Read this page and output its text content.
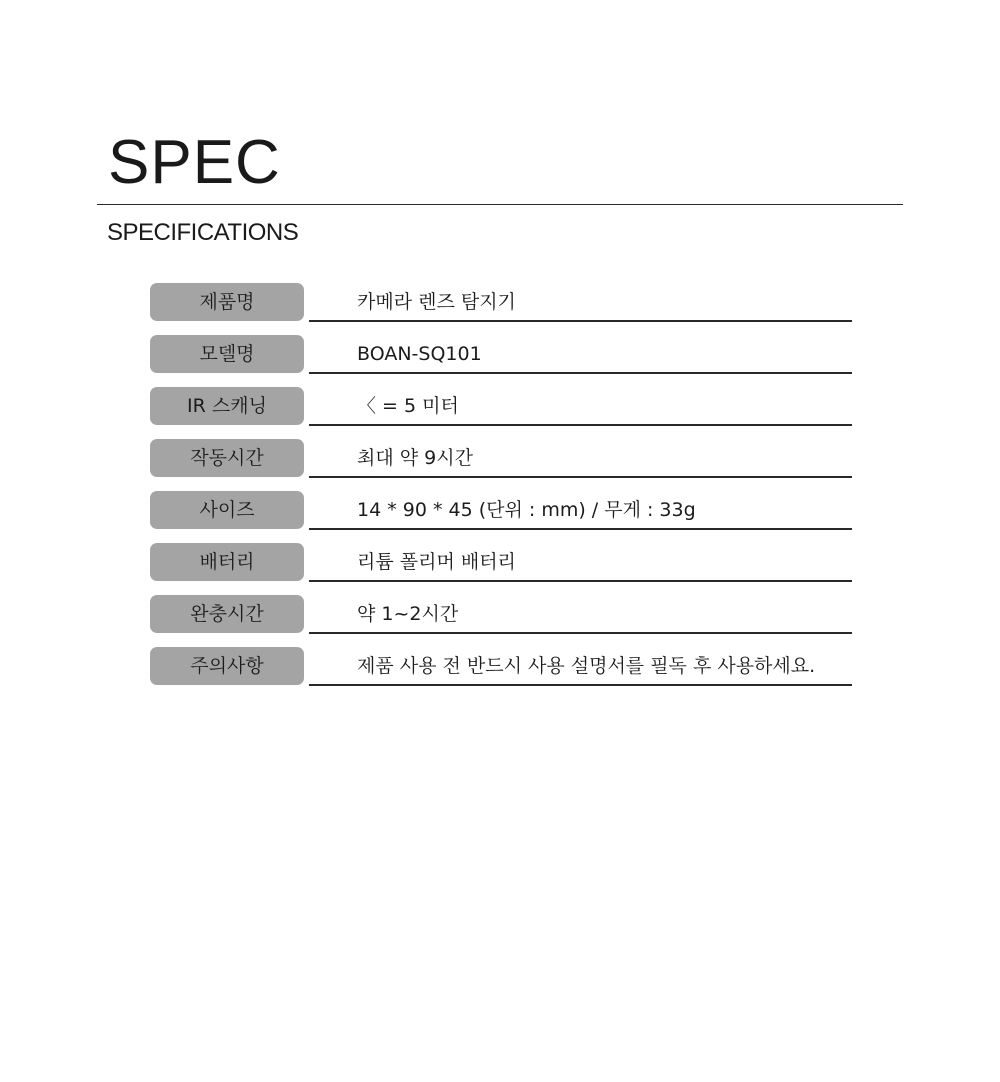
SPEC
SPECIFICATIONS
제품명	카메라 렌즈 탐지기
모델명	BOAN-SQ101
IR 스캐닝	〈 = 5 미터
작동시간	최대 약 9시간
사이즈	14 * 90 * 45 (단위 : mm) / 무게 : 33g
배터리	리튬 폴리머 배터리
완충시간	약 1~2시간
주의사항	제품 사용 전 반드시 사용 설명서를 필독 후 사용하세요.
